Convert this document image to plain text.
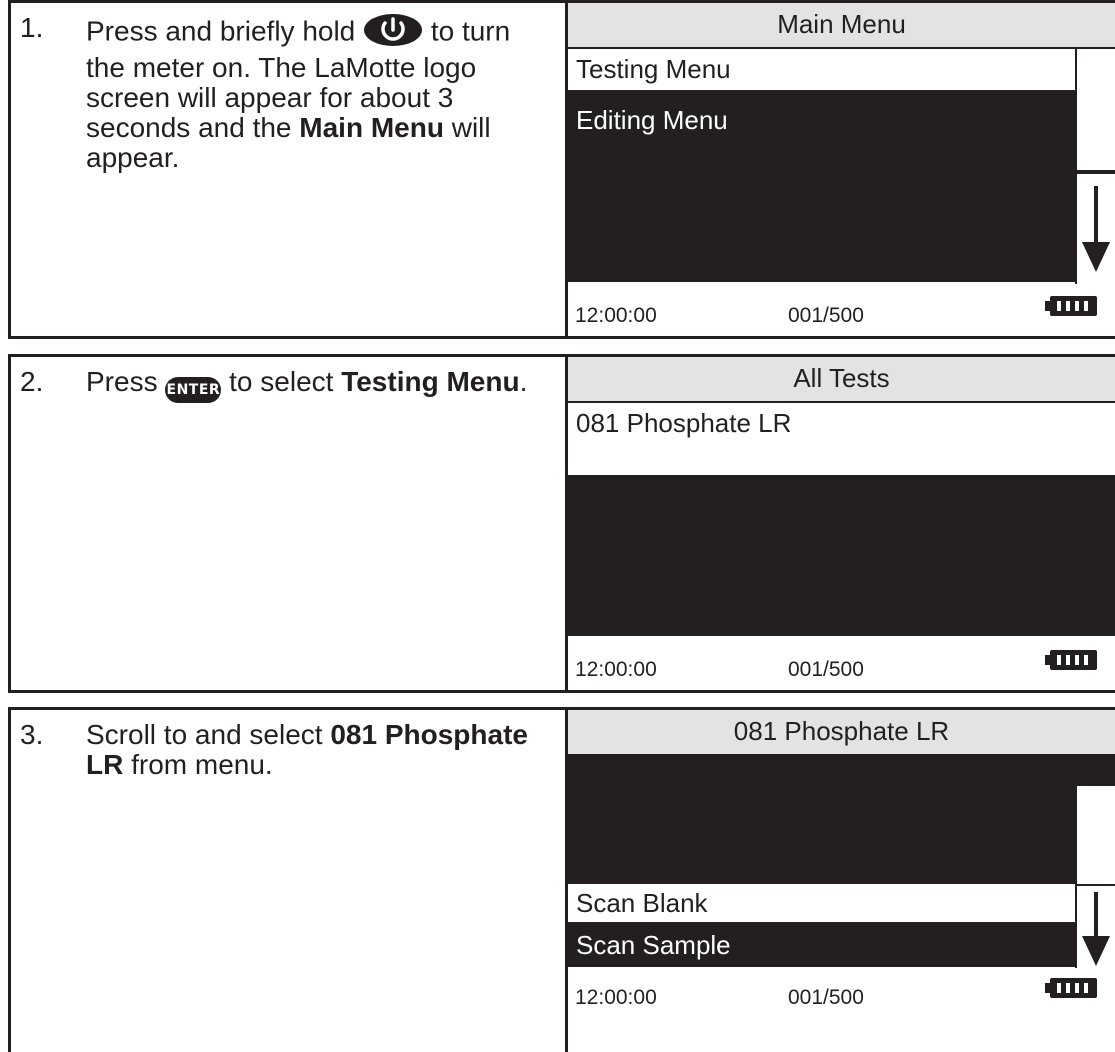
1. Press and briefly hold	to turn the meter on. The LaMotte logo screen will appear for about 3 seconds and the Main Menu will appear.
Main Menu
Testing Menu
Editing Menu
12:00:00	001/500
2. Press ENTER to select Testing Menu.	All Tests
081 Phosphate LR
12:00:00	001/500
3. Scroll to and select 081 Phosphate LR from menu.
081 Phosphate LR
Scan Blank
Scan Sample
12:00:00	001/500
